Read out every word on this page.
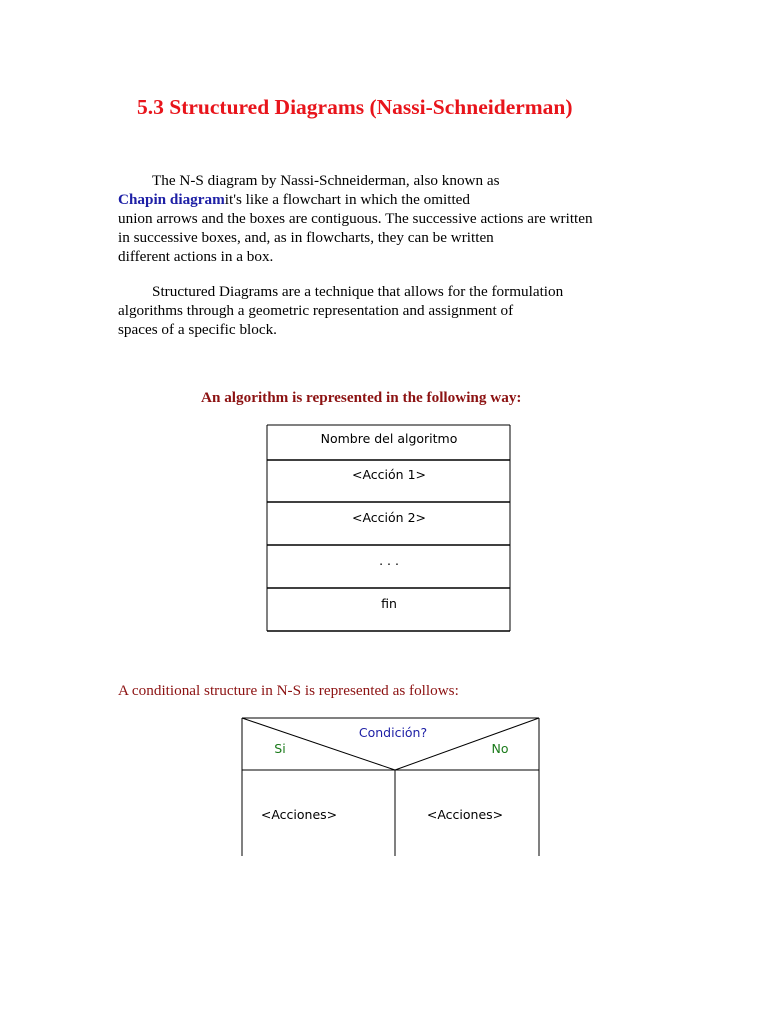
5.3 Structured Diagrams (Nassi-Schneiderman)
The N-S diagram by Nassi-Schneiderman, also known as
Chapin diagramit's like a flowchart in which the omitted
union arrows and the boxes are contiguous. The successive actions are written
in successive boxes, and, as in flowcharts, they can be written
different actions in a box.
Structured Diagrams are a technique that allows for the formulation
algorithms through a geometric representation and assignment of
spaces of a specific block.
An algorithm is represented in the following way:
Nombre del algoritmo
<Acción 1>
<Acción 2>
. . .
fin
Condición?
Si	No
<Acciones>	<Acciones>
A conditional structure in N-S is represented as follows:
